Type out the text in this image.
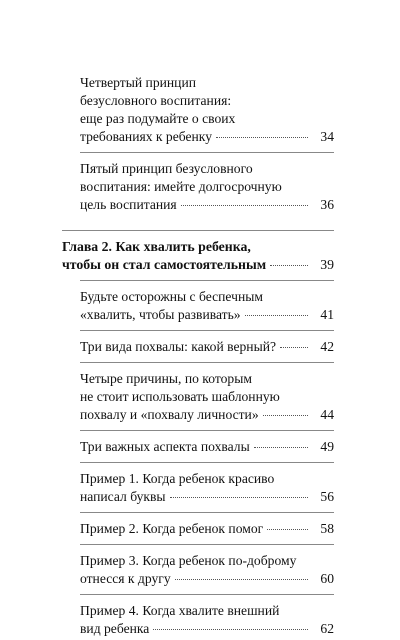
Четвертый принцип
безусловного воспитания:
еще раз подумайте о своих
требованиях к ребенку	34
Пятый принцип безусловного
воспитания: имейте долгосрочную
цель воспитания	36
Глава 2. Как хвалить ребенка,
чтобы он стал самостоятельным	39
Будьте осторожны с беспечным
«хвалить, чтобы развивать»	41
Три вида похвалы: какой верный?	42
Четыре причины, по которым
не стоит использовать шаблонную
похвалу и «похвалу личности»	44
Три важных аспекта похвалы	49
Пример 1. Когда ребенок красиво
написал буквы	56
Пример 2. Когда ребенок помог	58
Пример 3. Когда ребенок по-доброму
отнесся к другу	60
Пример 4. Когда хвалите внешний
вид ребенка	62
